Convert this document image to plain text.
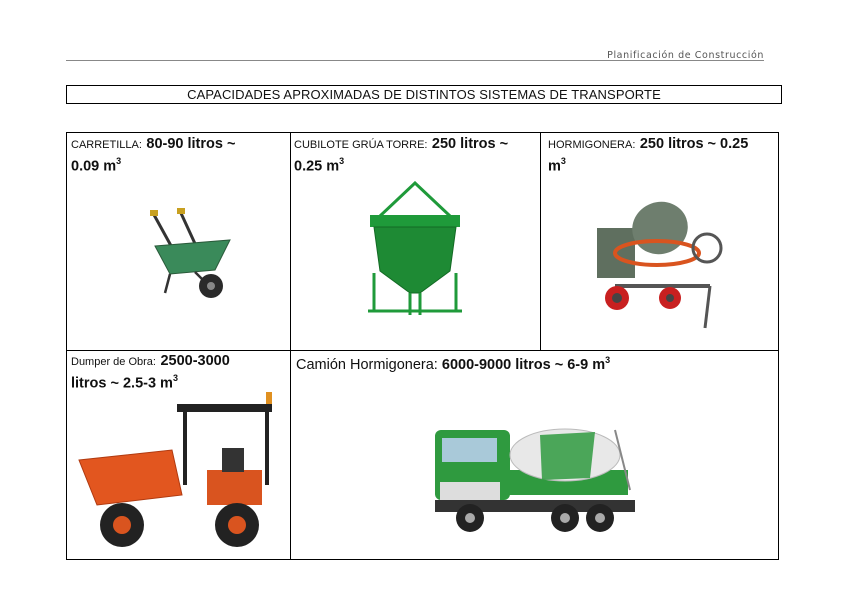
Planificación de Construcción
CAPACIDADES APROXIMADAS DE DISTINTOS SISTEMAS DE TRANSPORTE
CARRETILLA: 80-90 litros ~
0.09 $m^3$
CUBILOTE GRÚA TORRE: 250 litros ~
0.25 $m^3$
HORMIGONERA: 250 litros ~ 0.25
$m^3$
Dumper de Obra: 2500-3000
litros ~ 2.5-3 $m^3$
Camión Hormigonera: 6000-9000 litros ~ 6-9 $m^3$
